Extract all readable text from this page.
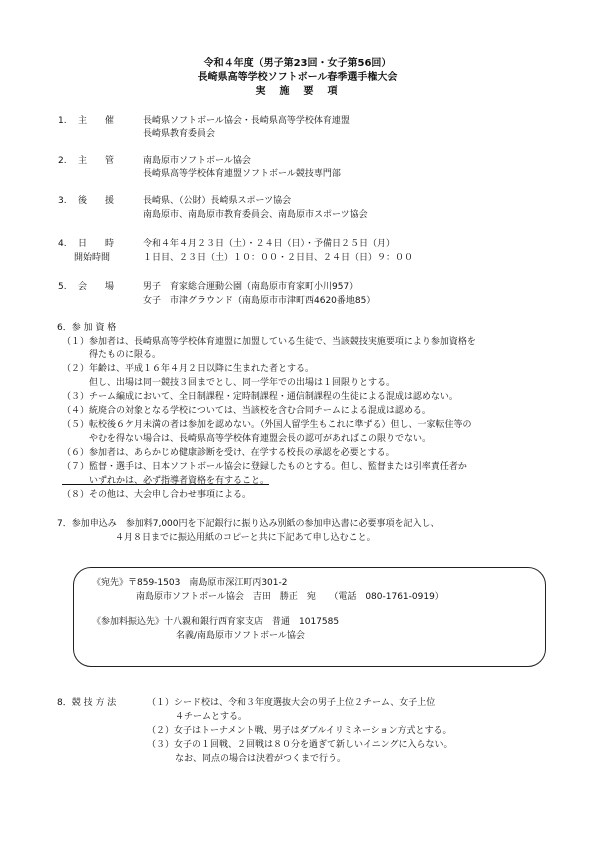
令和４年度（男子第23回・女子第56回）
長崎県高等学校ソフトボール春季選手権大会
実　施　要　項
1. 主　　催	長崎県ソフトボール協会・長崎県高等学校体育連盟
長崎県教育委員会
2. 主　　管	南島原市ソフトボール協会
長崎県高等学校体育連盟ソフトボール競技専門部
3. 後　　援	長崎県、（公財）長崎県スポーツ協会
南島原市、南島原市教育委員会、南島原市スポーツ協会
4. 日　　時	令和４年４月２３日（土）・２４日（日）・予備日２５日（月）
開始時間	１日目、２３日（土）１０：００・２日目、２４日（日）９：００
5. 会　　場	男子　育家総合運動公園（南島原市育家町小川957）
女子　市津グラウンド（南島原市市津町西4620番地85）
6．参 加 資 格
（１）参加者は、長崎県高等学校体育連盟に加盟している生徒で、当該競技実施要項により参加資格を
　　　得たものに限る。
（２）年齢は、平成１６年４月２日以降に生まれた者とする。
　　　但し、出場は同一競技３回までとし、同一学年での出場は１回限りとする。
（３）チーム編成において、全日制課程・定時制課程・通信制課程の生徒による混成は認めない。
（４）統廃合の対象となる学校については、当該校を含む合同チームによる混成は認める。
（５）転校後６ケ月未満の者は参加を認めない。（外国人留学生もこれに準ずる）但し、一家転住等の
　　　やむを得ない場合は、長崎県高等学校体育連盟会長の認可があればこの限りでない。
（６）参加者は、あらかじめ健康診断を受け、在学する校長の承認を必要とする。
（７）監督・選手は、日本ソフトボール協会に登録したものとする。但し、監督または引率責任者か
　　　いずれかは、必ず指導者資格を有すること。
（８）その他は、大会申し合わせ事項による。
7．参加申込み　参加料7,000円を下記銀行に振り込み別紙の参加申込書に必要事項を記入し、
４月８日までに振込用紙のコピーと共に下記あて申し込むこと。
《宛先》〒859-1503　南島原市深江町丙301-2
南島原市ソフトボール協会　吉田　勝正　宛　　（電話　080-1761-0919）
《参加料振込先》十八親和銀行西育家支店　普通　1017585
名義/南島原市ソフトボール協会
8．競 技 方 法	（１）シード校は、令和３年度選抜大会の男子上位２チーム、女子上位
４チームとする。
（２）女子はトーナメント戦、男子はダブルイリミネーション方式とする。
（３）女子の１回戦、２回戦は８０分を過ぎて新しいイニングに入らない。
なお、同点の場合は決着がつくまで行う。
